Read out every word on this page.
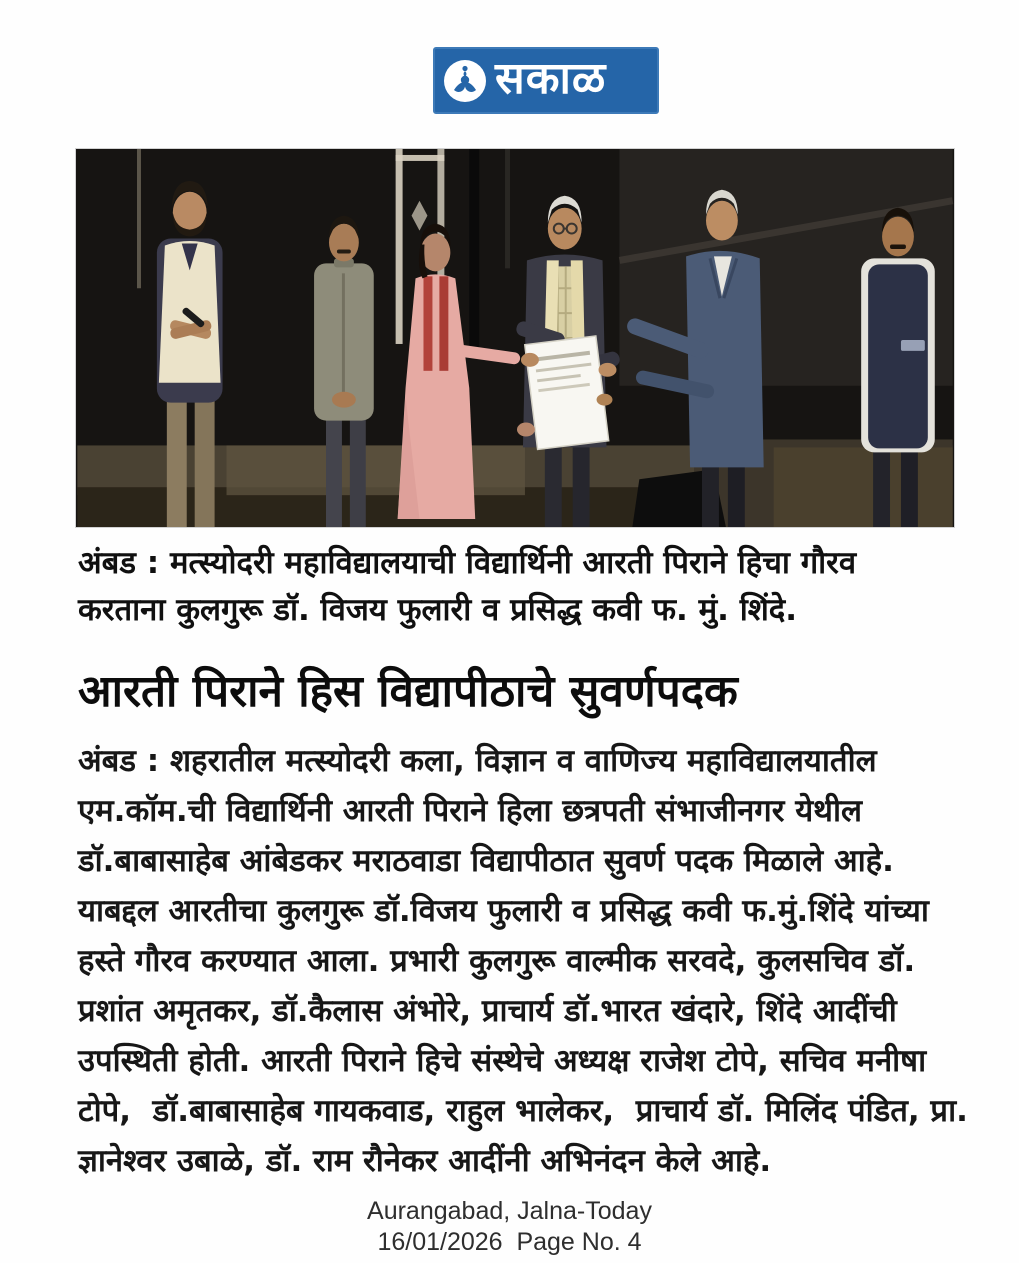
सकाळ
अंबड : मत्स्योदरी महाविद्यालयाची विद्यार्थिनी आरती पिराने हिचा गौरव
करताना कुलगुरू डॉ. विजय फुलारी व प्रसिद्ध कवी फ. मुं. शिंदे.
आरती पिराने हिस विद्यापीठाचे सुवर्णपदक
अंबड : शहरातील मत्स्योदरी कला, विज्ञान व वाणिज्य महाविद्यालयातील
एम.कॉम.ची विद्यार्थिनी आरती पिराने हिला छत्रपती संभाजीनगर येथील
डॉ.बाबासाहेब आंबेडकर मराठवाडा विद्यापीठात सुवर्ण पदक मिळाले आहे.
याबद्दल आरतीचा कुलगुरू डॉ.विजय फुलारी व प्रसिद्ध कवी फ.मुं.शिंदे यांच्या
हस्ते गौरव करण्यात आला. प्रभारी कुलगुरू वाल्मीक सरवदे, कुलसचिव डॉ.
प्रशांत अमृतकर, डॉ.कैलास अंभोरे, प्राचार्य डॉ.भारत खंदारे, शिंदे आदींची
उपस्थिती होती. आरती पिराने हिचे संस्थेचे अध्यक्ष राजेश टोपे, सचिव मनीषा
टोपे,  डॉ.बाबासाहेब गायकवाड, राहुल भालेकर,  प्राचार्य डॉ. मिलिंद पंडित, प्रा.
ज्ञानेश्वर उबाळे, डॉ. राम रौनेकर आदींनी अभिनंदन केले आहे.
Aurangabad, Jalna-Today
16/01/2026  Page No. 4
